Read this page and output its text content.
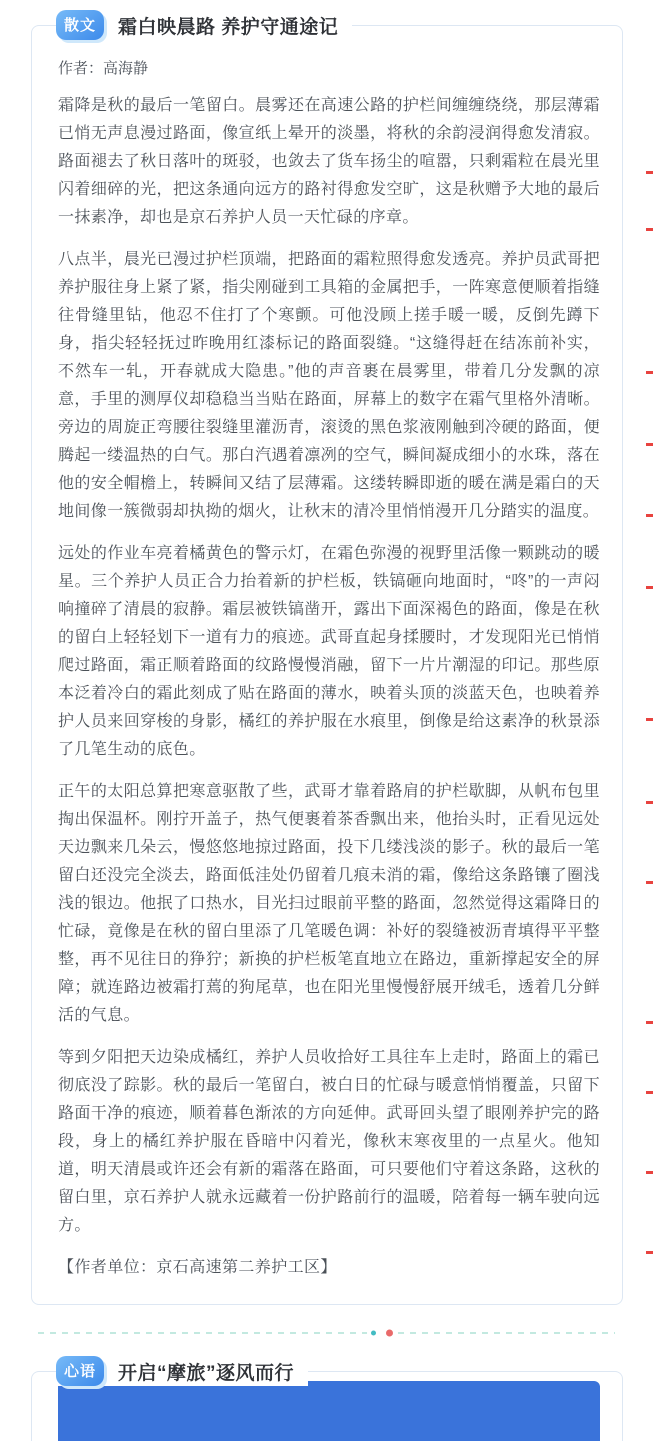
散文	霜白映晨路 养护守通途记

作者：高海静

霜降是秋的最后一笔留白。晨雾还在高速公路的护栏间缠缠绕绕，那层薄霜已悄无声息漫过路面，像宣纸上晕开的淡墨，将秋的余韵浸润得愈发清寂。路面褪去了秋日落叶的斑驳，也敛去了货车扬尘的喧嚣，只剩霜粒在晨光里闪着细碎的光，把这条通向远方的路衬得愈发空旷，这是秋赠予大地的最后一抹素净，却也是京石养护人员一天忙碌的序章。

八点半，晨光已漫过护栏顶端，把路面的霜粒照得愈发透亮。养护员武哥把养护服往身上紧了紧，指尖刚碰到工具箱的金属把手，一阵寒意便顺着指缝往骨缝里钻，他忍不住打了个寒颤。可他没顾上搓手暖一暖，反倒先蹲下身，指尖轻轻抚过昨晚用红漆标记的路面裂缝。“这缝得赶在结冻前补实，不然车一轧，开春就成大隐患。”他的声音裹在晨雾里，带着几分发飘的凉意，手里的测厚仪却稳稳当当贴在路面，屏幕上的数字在霜气里格外清晰。旁边的周旋正弯腰往裂缝里灌沥青，滚烫的黑色浆液刚触到冷硬的路面，便腾起一缕温热的白气。那白汽遇着凛冽的空气，瞬间凝成细小的水珠，落在他的安全帽檐上，转瞬间又结了层薄霜。这缕转瞬即逝的暖在满是霜白的天地间像一簇微弱却执拗的烟火，让秋末的清冷里悄悄漫开几分踏实的温度。

远处的作业车亮着橘黄色的警示灯，在霜色弥漫的视野里活像一颗跳动的暖星。三个养护人员正合力抬着新的护栏板，铁镐砸向地面时，“咚”的一声闷响撞碎了清晨的寂静。霜层被铁镐凿开，露出下面深褐色的路面，像是在秋的留白上轻轻划下一道有力的痕迹。武哥直起身揉腰时，才发现阳光已悄悄爬过路面，霜正顺着路面的纹路慢慢消融，留下一片片潮湿的印记。那些原本泛着冷白的霜此刻成了贴在路面的薄水，映着头顶的淡蓝天色，也映着养护人员来回穿梭的身影，橘红的养护服在水痕里，倒像是给这素净的秋景添了几笔生动的底色。

正午的太阳总算把寒意驱散了些，武哥才靠着路肩的护栏歇脚，从帆布包里掏出保温杯。刚拧开盖子，热气便裹着茶香飘出来，他抬头时，正看见远处天边飘来几朵云，慢悠悠地掠过路面，投下几缕浅淡的影子。秋的最后一笔留白还没完全淡去，路面低洼处仍留着几痕未消的霜，像给这条路镶了圈浅浅的银边。他抿了口热水，目光扫过眼前平整的路面，忽然觉得这霜降日的忙碌，竟像是在秋的留白里添了几笔暖色调：补好的裂缝被沥青填得平平整整，再不见往日的狰狞；新换的护栏板笔直地立在路边，重新撑起安全的屏障；就连路边被霜打蔫的狗尾草，也在阳光里慢慢舒展开绒毛，透着几分鲜活的气息。

等到夕阳把天边染成橘红，养护人员收拾好工具往车上走时，路面上的霜已彻底没了踪影。秋的最后一笔留白，被白日的忙碌与暖意悄悄覆盖，只留下路面干净的痕迹，顺着暮色渐浓的方向延伸。武哥回头望了眼刚养护完的路段，身上的橘红养护服在昏暗中闪着光，像秋末寒夜里的一点星火。他知道，明天清晨或许还会有新的霜落在路面，可只要他们守着这条路，这秋的留白里，京石养护人就永远藏着一份护路前行的温暖，陪着每一辆车驶向远方。

【作者单位：京石高速第二养护工区】

心语	开启“摩旅”逐风而行
